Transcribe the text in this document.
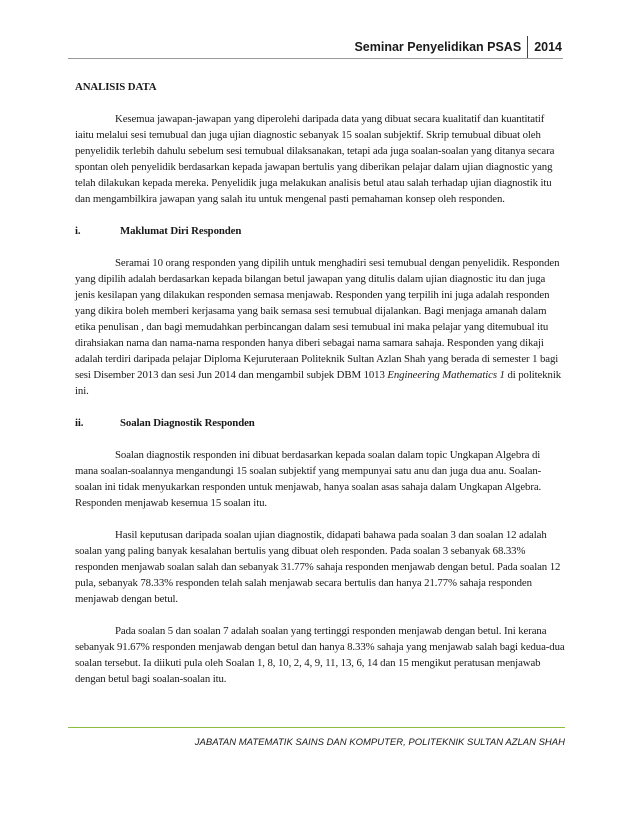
Seminar Penyelidikan PSAS	2014

ANALISIS DATA

Kesemua jawapan-jawapan yang diperolehi daripada data yang dibuat secara kualitatif dan kuantitatif iaitu melalui sesi temubual dan juga ujian diagnostic sebanyak 15 soalan subjektif. Skrip temubual dibuat oleh penyelidik terlebih dahulu sebelum sesi temubual dilaksanakan, tetapi ada juga soalan-soalan yang ditanya secara spontan oleh penyelidik berdasarkan kepada jawapan bertulis yang diberikan pelajar dalam ujian diagnostic yang telah dilakukan kepada mereka. Penyelidik juga melakukan analisis betul atau salah terhadap ujian diagnostik itu dan mengambilkira jawapan yang salah itu untuk mengenal pasti pemahaman konsep oleh responden.

i.	Maklumat Diri Responden

Seramai 10 orang responden yang dipilih untuk menghadiri sesi temubual dengan penyelidik. Responden yang dipilih adalah berdasarkan kepada bilangan betul jawapan yang ditulis dalam ujian diagnostic itu dan juga jenis kesilapan yang dilakukan responden semasa menjawab. Responden yang terpilih ini juga adalah responden yang dikira boleh memberi kerjasama yang baik semasa sesi temubual dijalankan. Bagi menjaga amanah dalam etika penulisan , dan bagi memudahkan perbincangan dalam sesi temubual ini maka pelajar yang ditemubual itu dirahsiakan nama dan nama-nama responden hanya diberi sebagai nama samara sahaja. Responden yang dikaji adalah terdiri daripada pelajar Diploma Kejuruteraan Politeknik Sultan Azlan Shah yang berada di semester 1 bagi sesi Disember 2013 dan sesi Jun 2014 dan mengambil subjek DBM 1013 Engineering Mathematics 1 di politeknik ini.

ii.	Soalan Diagnostik Responden

Soalan diagnostik responden ini dibuat berdasarkan kepada soalan dalam topic Ungkapan Algebra di mana soalan-soalannya mengandungi 15 soalan subjektif yang mempunyai satu anu dan juga dua anu. Soalan-soalan ini tidak menyukarkan responden untuk menjawab, hanya soalan asas sahaja dalam Ungkapan Algebra. Responden menjawab kesemua 15 soalan itu.

Hasil keputusan daripada soalan ujian diagnostik, didapati bahawa pada soalan 3 dan soalan 12 adalah soalan yang paling banyak kesalahan bertulis yang dibuat oleh responden. Pada soalan 3 sebanyak 68.33% responden menjawab soalan salah dan sebanyak 31.77% sahaja responden menjawab dengan betul. Pada soalan 12 pula, sebanyak 78.33% responden telah salah menjawab secara bertulis dan hanya 21.77% sahaja responden menjawab dengan betul.

Pada soalan 5 dan soalan 7 adalah soalan yang tertinggi responden menjawab dengan betul. Ini kerana sebanyak 91.67% responden menjawab dengan betul dan hanya 8.33% sahaja yang menjawab salah bagi kedua-dua soalan tersebut. Ia diikuti pula oleh Soalan 1, 8, 10, 2, 4, 9, 11, 13, 6, 14 dan 15 mengikut peratusan menjawab dengan betul bagi soalan-soalan itu.

JABATAN MATEMATIK SAINS DAN KOMPUTER, POLITEKNIK SULTAN AZLAN SHAH
